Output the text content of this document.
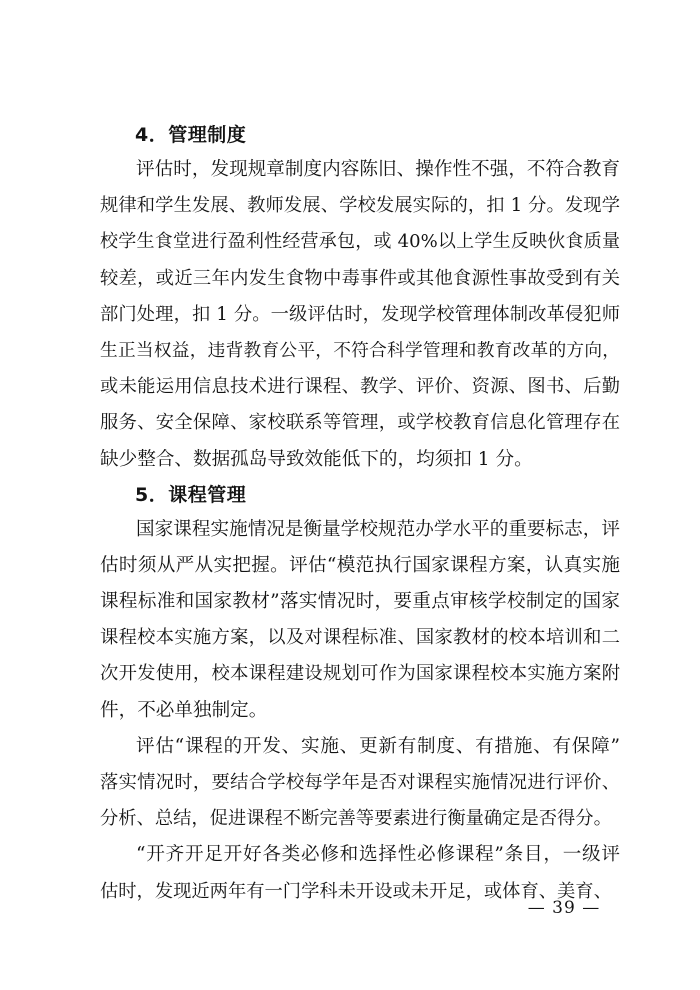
4．管理制度
评估时，发现规章制度内容陈旧、操作性不强，不符合教育
规律和学生发展、教师发展、学校发展实际的，扣 1 分。发现学
校学生食堂进行盈利性经营承包，或 40%以上学生反映伙食质量
较差，或近三年内发生食物中毒事件或其他食源性事故受到有关
部门处理，扣 1 分。一级评估时，发现学校管理体制改革侵犯师
生正当权益，违背教育公平，不符合科学管理和教育改革的方向，
或未能运用信息技术进行课程、教学、评价、资源、图书、后勤
服务、安全保障、家校联系等管理，或学校教育信息化管理存在
缺少整合、数据孤岛导致效能低下的，均须扣 1 分。
5．课程管理
国家课程实施情况是衡量学校规范办学水平的重要标志，评
估时须从严从实把握。评估“模范执行国家课程方案，认真实施
课程标准和国家教材”落实情况时，要重点审核学校制定的国家
课程校本实施方案，以及对课程标准、国家教材的校本培训和二
次开发使用，校本课程建设规划可作为国家课程校本实施方案附
件，不必单独制定。
评估“课程的开发、实施、更新有制度、有措施、有保障”
落实情况时，要结合学校每学年是否对课程实施情况进行评价、
分析、总结，促进课程不断完善等要素进行衡量确定是否得分。
“开齐开足开好各类必修和选择性必修课程”条目，一级评
估时，发现近两年有一门学科未开设或未开足，或体育、美育、
— 39 —
